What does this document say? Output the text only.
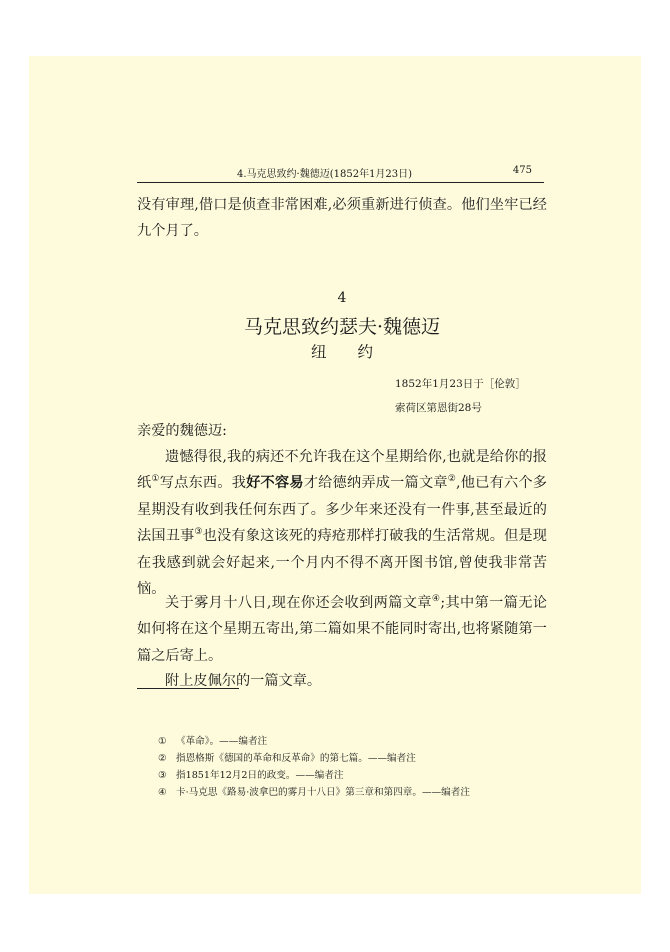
4.马克思致约·魏德迈(1852年1月23日)	475

没有审理,借口是侦查非常困难,必须重新进行侦查。他们坐牢已经九个月了。

4

马克思致约瑟夫·魏德迈

纽　　约

1852年1月23日于［伦敦］

索荷区第恩街28号

亲爱的魏德迈:

遗憾得很,我的病还不允许我在这个星期给你,也就是给你的报纸①写点东西。我好不容易才给德纳弄成一篇文章②,他已有六个多星期没有收到我任何东西了。多少年来还没有一件事,甚至最近的法国丑事③也没有象这该死的痔疮那样打破我的生活常规。但是现在我感到就会好起来,一个月内不得不离开图书馆,曾使我非常苦恼。

关于雾月十八日,现在你还会收到两篇文章④;其中第一篇无论如何将在这个星期五寄出,第二篇如果不能同时寄出,也将紧随第一篇之后寄上。

附上皮佩尔的一篇文章。

① 《革命》。——编者注

② 指恩格斯《德国的革命和反革命》的第七篇。——编者注

③ 指1851年12月2日的政变。——编者注

④ 卡·马克思《路易·波拿巴的雾月十八日》第三章和第四章。——编者注
